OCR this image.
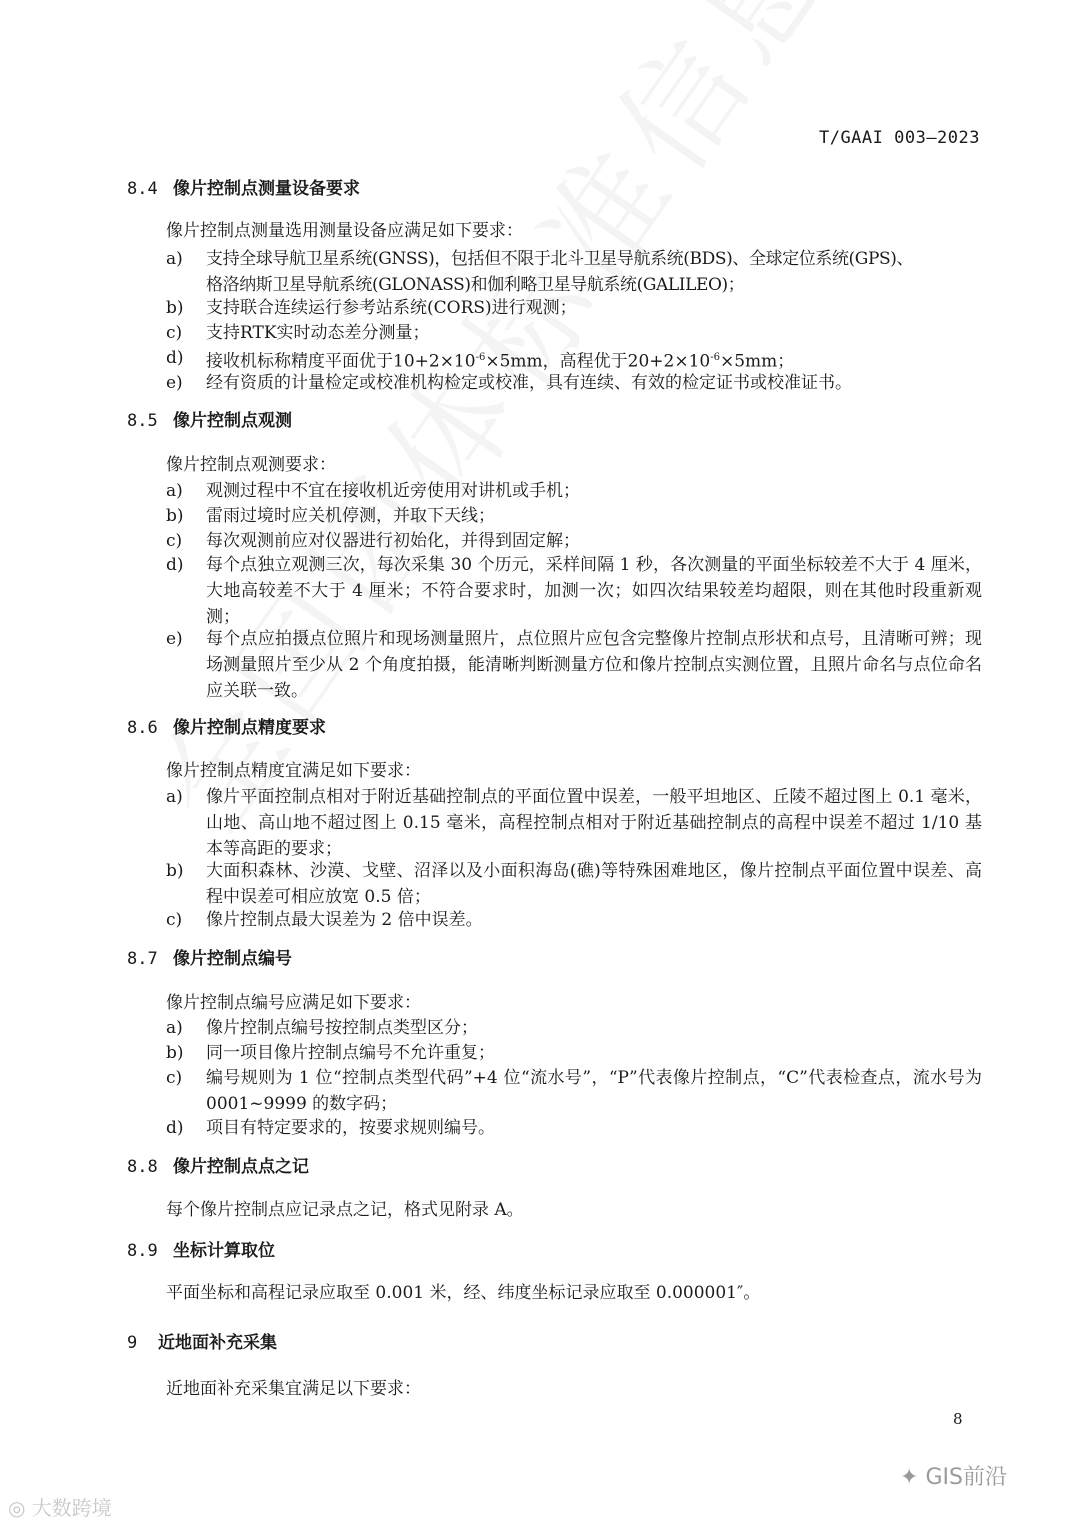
T/GAAI 003—2023
8.4 像片控制点测量设备要求
像片控制点测量选用测量设备应满足如下要求：
a) 支持全球导航卫星系统(GNSS)，包括但不限于北斗卫星导航系统(BDS)、全球定位系统(GPS)、
格洛纳斯卫星导航系统(GLONASS)和伽利略卫星导航系统(GALILEO)；
b) 支持联合连续运行参考站系统(CORS)进行观测；
c) 支持RTK实时动态差分测量；
d) 接收机标称精度平面优于$10+2\times 10^{-6}\times 5mm$，高程优于$20+2\times 10^{-6}\times 5mm$；
e) 经有资质的计量检定或校准机构检定或校准，具有连续、有效的检定证书或校准证书。
8.5 像片控制点观测
像片控制点观测要求：
a) 观测过程中不宜在接收机近旁使用对讲机或手机；
b) 雷雨过境时应关机停测，并取下天线；
c) 每次观测前应对仪器进行初始化，并得到固定解；
d) 每个点独立观测三次，每次采集 30 个历元，采样间隔 1 秒，各次测量的平面坐标较差不大于 4 厘米，大地高较差不大于 4 厘米；不符合要求时，加测一次；如四次结果较差均超限，则在其他时段重新观测；
e) 每个点应拍摄点位照片和现场测量照片，点位照片应包含完整像片控制点形状和点号，且清晰可辨；现场测量照片至少从 2 个角度拍摄，能清晰判断测量方位和像片控制点实测位置，且照片命名与点位命名应关联一致。
8.6 像片控制点精度要求
像片控制点精度宜满足如下要求：
a) 像片平面控制点相对于附近基础控制点的平面位置中误差，一般平坦地区、丘陵不超过图上 0.1 毫米，山地、高山地不超过图上 0.15 毫米，高程控制点相对于附近基础控制点的高程中误差不超过 1/10 基本等高距的要求；
b) 大面积森林、沙漠、戈壁、沼泽以及小面积海岛(礁)等特殊困难地区，像片控制点平面位置中误差、高程中误差可相应放宽 0.5 倍；
c) 像片控制点最大误差为 2 倍中误差。
8.7 像片控制点编号
像片控制点编号应满足如下要求：
a) 像片控制点编号按控制点类型区分；
b) 同一项目像片控制点编号不允许重复；
c) 编号规则为 1 位“控制点类型代码”+4 位“流水号”，“P”代表像片控制点，“C”代表检查点，流水号为 0001~9999 的数字码；
d) 项目有特定要求的，按要求规则编号。
8.8 像片控制点点之记
每个像片控制点应记录点之记，格式见附录 A。
8.9 坐标计算取位
平面坐标和高程记录应取至 0.001 米，经、纬度坐标记录应取至 0.000001″。
9 近地面补充采集
近地面补充采集宜满足以下要求：
8
◎ 大数跨境
✦ GIS前沿
